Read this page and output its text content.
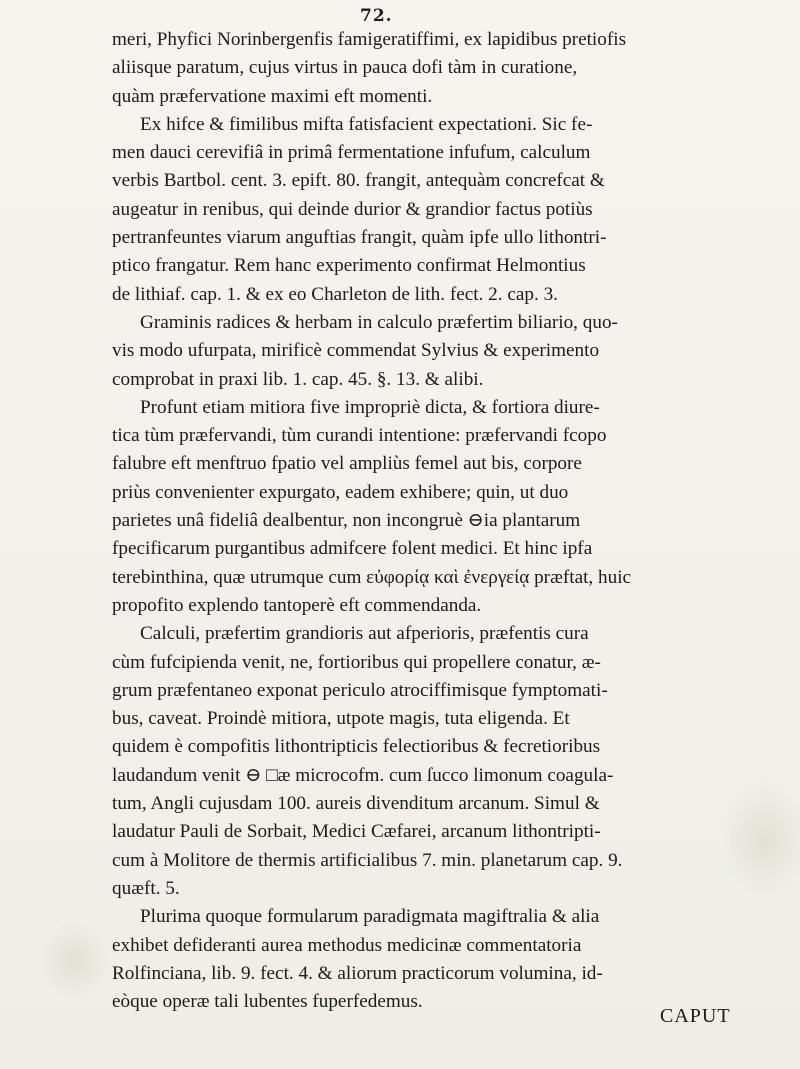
72.
meri, Phyfici Norinbergenfis famigeratiffimi, ex lapidibus pretiofis
aliisque paratum, cujus virtus in pauca dofi tàm in curatione,
quàm præfervatione maximi eft momenti.
Ex hifce & fimilibus mifta fatisfacient expectationi. Sic fe-
men dauci cerevifiâ in primâ fermentatione infufum, calculum
verbis Bartbol. cent. 3. epift. 80. frangit, antequàm concrefcat &
augeatur in renibus, qui deinde durior & grandior factus potiùs
pertranfeuntes viarum anguftias frangit, quàm ipfe ullo lithontri-
ptico frangatur. Rem hanc experimento confirmat Helmontius
de lithiaf. cap. 1. & ex eo Charleton de lith. fect. 2. cap. 3.
Graminis radices & herbam in calculo præfertim biliario, quo-
vis modo ufurpata, mirificè commendat Sylvius & experimento
comprobat in praxi lib. 1. cap. 45. §. 13. & alibi.
Profunt etiam mitiora five impropriè dicta, & fortiora diure-
tica tùm præfervandi, tùm curandi intentione: præfervandi fcopo
falubre eft menftruo fpatio vel ampliùs femel aut bis, corpore
priùs convenienter expurgato, eadem exhibere; quin, ut duo
parietes unâ fideliâ dealbentur, non incongruè ⊖ia plantarum
fpecificarum purgantibus admifcere folent medici. Et hinc ipfa
terebinthina, quæ utrumque cum εὐφορίᾳ καὶ ἐνεργείᾳ præftat, huic
propofito explendo tantoperè eft commendanda.
Calculi, præfertim grandioris aut afperioris, præfentis cura
cùm fufcipienda venit, ne, fortioribus qui propellere conatur, æ-
grum præfentaneo exponat periculo atrociffimisque fymptomati-
bus, caveat. Proindè mitiora, utpote magis, tuta eligenda. Et
quidem è compofitis lithontripticis felectioribus & fecretioribus
laudandum venit ⊖ □æ microcofm. cum ſucco limonum coagula-
tum, Angli cujusdam 100. aureis divenditum arcanum. Simul &
laudatur Pauli de Sorbait, Medici Cæfarei, arcanum lithontripti-
cum à Molitore de thermis artificialibus 7. min. planetarum cap. 9.
quæft. 5.
Plurima quoque formularum paradigmata magiftralia & alia
exhibet defideranti aurea methodus medicinæ commentatoria
Rolfinciana, lib. 9. fect. 4. & aliorum practicorum volumina, id-
eòque operæ tali lubentes fuperfedemus.
CAPUT
